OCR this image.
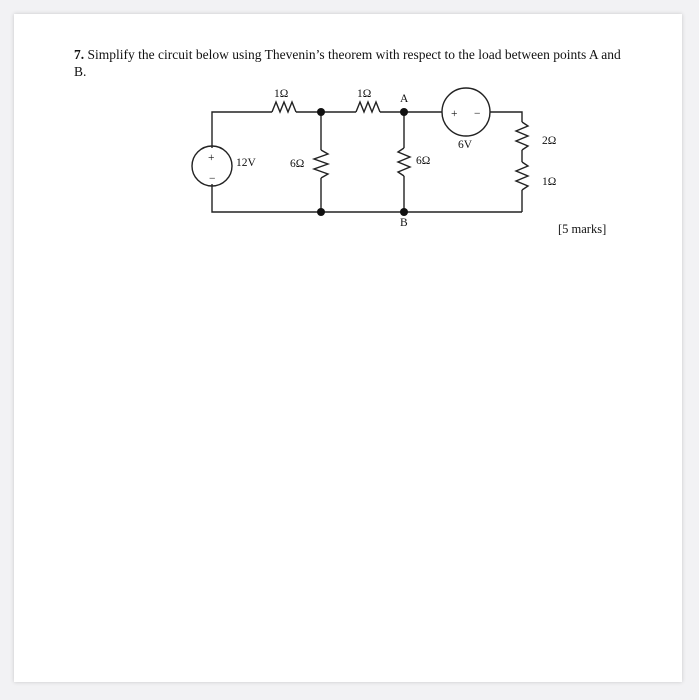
7. Simplify the circuit below using Thevenin’s theorem with respect to the load between points A and B.
+
−
12V
1Ω	1Ω A
6Ω	6Ω
B
+ −
6V	2Ω
1Ω
[5 marks]
